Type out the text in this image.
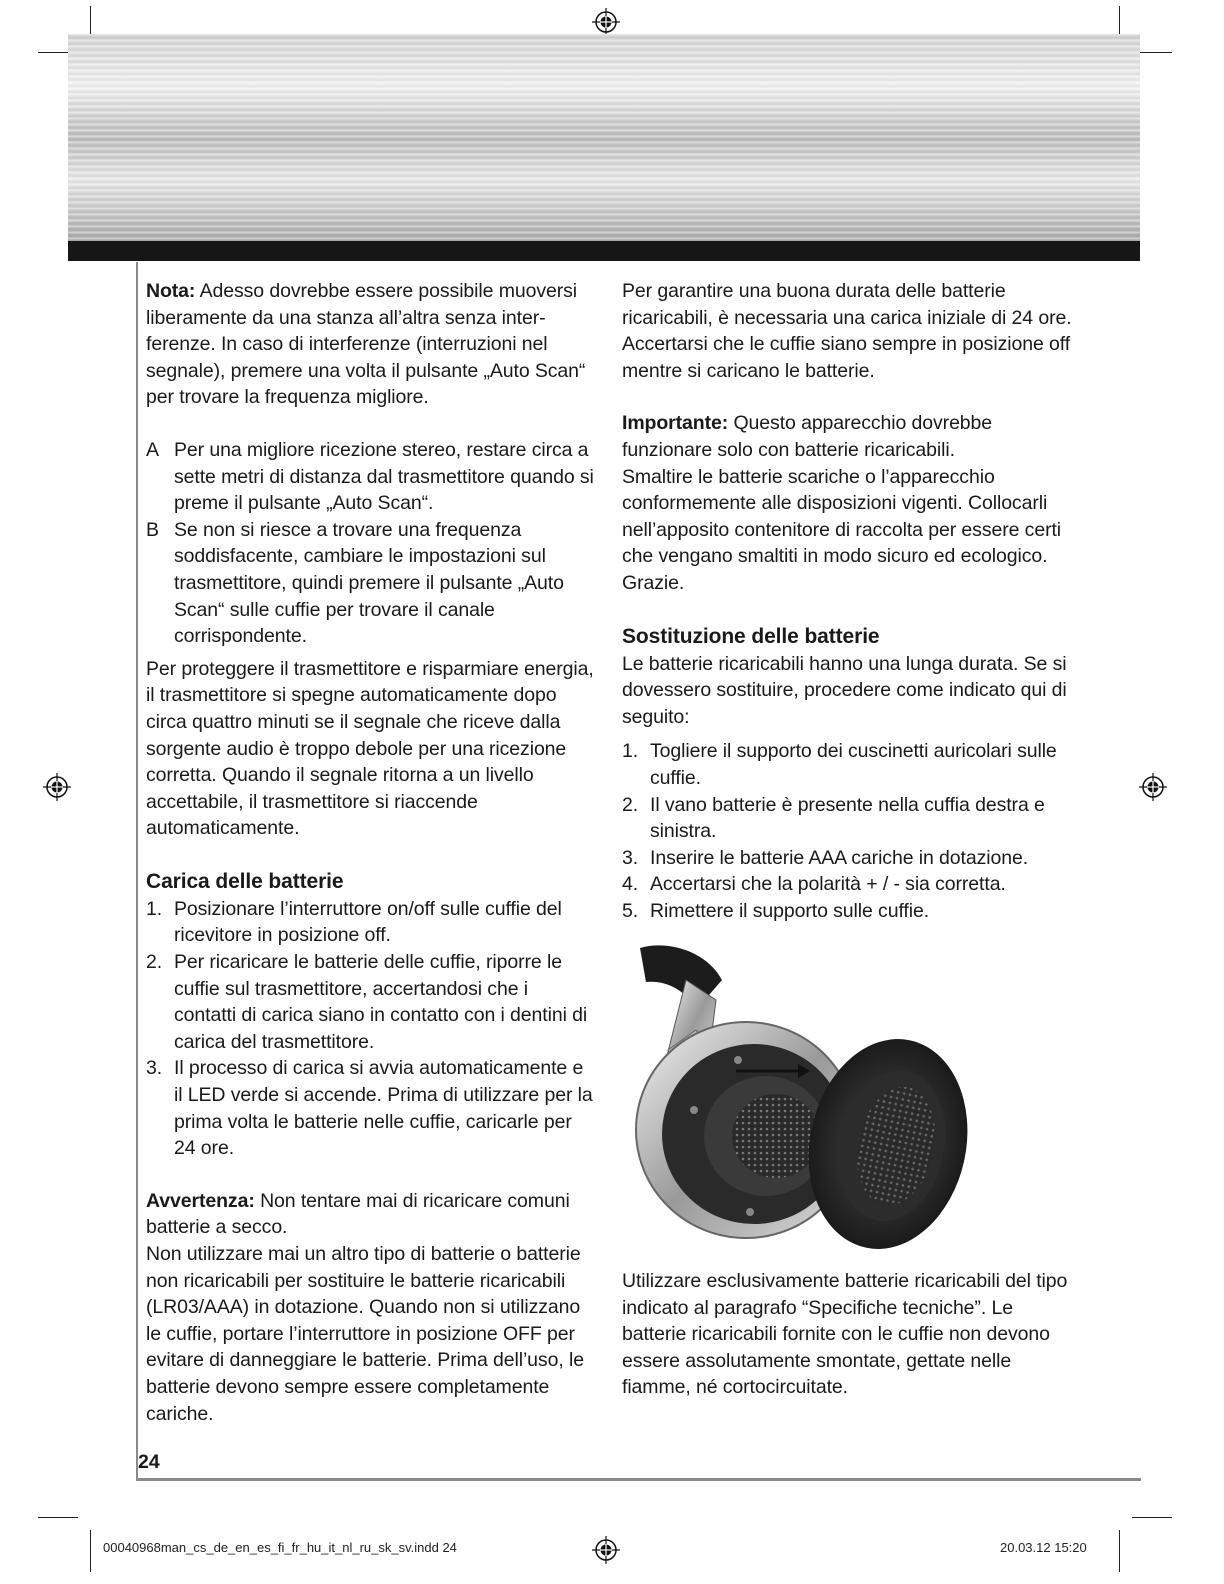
Nota: Adesso dovrebbe essere possibile muoversi liberamente da una stanza all’altra senza inter-ferenze. In caso di interferenze (interruzioni nel segnale), premere una volta il pulsante „Auto Scan“ per trovare la frequenza migliore.

A Per una migliore ricezione stereo, restare circa a sette metri di distanza dal trasmettitore quando si preme il pulsante „Auto Scan“.
B Se non si riesce a trovare una frequenza soddisfacente, cambiare le impostazioni sul trasmettitore, quindi premere il pulsante „Auto Scan“ sulle cuffie per trovare il canale corrispondente.

Per proteggere il trasmettitore e risparmiare energia, il trasmettitore si spegne automaticamente dopo circa quattro minuti se il segnale che riceve dalla sorgente audio è troppo debole per una ricezione corretta. Quando il segnale ritorna a un livello accettabile, il trasmettitore si riaccende automaticamente.

Carica delle batterie

1. Posizionare l’interruttore on/off sulle cuffie del ricevitore in posizione off.
2. Per ricaricare le batterie delle cuffie, riporre le cuffie sul trasmettitore, accertandosi che i contatti di carica siano in contatto con i dentini di carica del trasmettitore.
3. Il processo di carica si avvia automaticamente e il LED verde si accende. Prima di utilizzare per la prima volta le batterie nelle cuffie, caricarle per 24 ore.

Avvertenza: Non tentare mai di ricaricare comuni batterie a secco.

Non utilizzare mai un altro tipo di batterie o batterie non ricaricabili per sostituire le batterie ricaricabili (LR03/AAA) in dotazione. Quando non si utilizzano le cuffie, portare l’interruttore in posizione OFF per evitare di danneggiare le batterie. Prima dell’uso, le batterie devono sempre essere completamente cariche.

Per garantire una buona durata delle batterie ricaricabili, è necessaria una carica iniziale di 24 ore. Accertarsi che le cuffie siano sempre in posizione off mentre si caricano le batterie.

Importante: Questo apparecchio dovrebbe funzionare solo con batterie ricaricabili.

Smaltire le batterie scariche o l’apparecchio conformemente alle disposizioni vigenti. Collocarli nell’apposito contenitore di raccolta per essere certi che vengano smaltiti in modo sicuro ed ecologico. Grazie.

Sostituzione delle batterie

Le batterie ricaricabili hanno una lunga durata. Se si dovessero sostituire, procedere come indicato qui di seguito:

1. Togliere il supporto dei cuscinetti auricolari sulle cuffie.
2. Il vano batterie è presente nella cuffia destra e sinistra.
3. Inserire le batterie AAA cariche in dotazione.
4. Accertarsi che la polarità + / - sia corretta.
5. Rimettere il supporto sulle cuffie.

Utilizzare esclusivamente batterie ricaricabili del tipo indicato al paragrafo “Specifiche tecniche”. Le batterie ricaricabili fornite con le cuffie non devono essere assolutamente smontate, gettate nelle fiamme, né cortocircuitate.

24
00040968man_cs_de_en_es_fi_fr_hu_it_nl_ru_sk_sv.indd 24	20.03.12 15:20
